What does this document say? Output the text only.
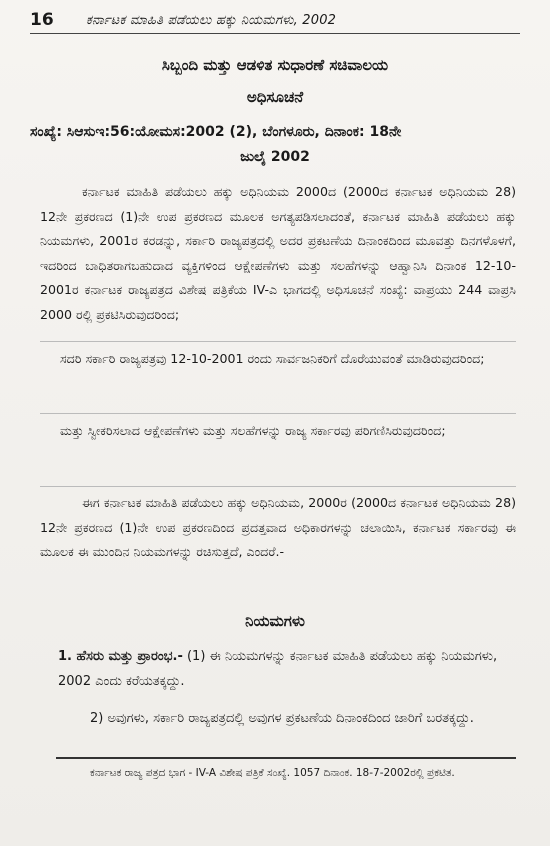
16	ಕರ್ನಾಟಕ ಮಾಹಿತಿ ಪಡೆಯಲು ಹಕ್ಕು ನಿಯಮಗಳು, 2002
ಸಿಬ್ಬಂದಿ ಮತ್ತು ಆಡಳಿತ ಸುಧಾರಣೆ ಸಚಿವಾಲಯ
ಅಧಿಸೂಚನೆ
ಸಂಖ್ಯೆ: ಸಿಆಸುಇ:56:ಯೋಮಸ:2002 (2), ಬೆಂಗಳೂರು, ದಿನಾಂಕ: 18ನೇ
ಜುಲೈ 2002
ಕರ್ನಾಟಕ ಮಾಹಿತಿ ಪಡೆಯಲು ಹಕ್ಕು ಅಧಿನಿಯಮ 2000ದ (2000ದ ಕರ್ನಾಟಕ ಅಧಿನಿಯಮ 28) 12ನೇ ಪ್ರಕರಣದ (1)ನೇ ಉಪ ಪ್ರಕರಣದ ಮೂಲಕ ಅಗತ್ಯಪಡಿಸಲಾದಂತೆ, ಕರ್ನಾಟಕ ಮಾಹಿತಿ ಪಡೆಯಲು ಹಕ್ಕು ನಿಯಮಗಳು, 2001ರ ಕರಡನ್ನು, ಸರ್ಕಾರಿ ರಾಜ್ಯಪತ್ರದಲ್ಲಿ ಅದರ ಪ್ರಕಟಣೆಯ ದಿನಾಂಕದಿಂದ ಮೂವತ್ತು ದಿನಗಳೊಳಗೆ, ಇದರಿಂದ ಬಾಧಿತರಾಗಬಹುದಾದ ವ್ಯಕ್ತಿಗಳಿಂದ ಆಕ್ಷೇಪಣೆಗಳು ಮತ್ತು ಸಲಹೆಗಳನ್ನು ಆಹ್ವಾನಿಸಿ ದಿನಾಂಕ 12-10-2001ರ ಕರ್ನಾಟಕ ರಾಜ್ಯಪತ್ರದ ವಿಶೇಷ ಪತ್ರಿಕೆಯ IV-ಎ ಭಾಗದಲ್ಲಿ ಅಧಿಸೂಚನೆ ಸಂಖ್ಯೆ: ವಾಪ್ರಯು 244 ವಾಪ್ರಸಿ 2000 ರಲ್ಲಿ ಪ್ರಕಟಿಸಿರುವುದರಿಂದ;
ಸದರಿ ಸರ್ಕಾರಿ ರಾಜ್ಯಪತ್ರವು 12-10-2001 ರಂದು ಸಾರ್ವಜನಿಕರಿಗೆ ದೊರೆಯುವಂತೆ ಮಾಡಿರುವುದರಿಂದ;
ಮತ್ತು ಸ್ವೀಕರಿಸಲಾದ ಆಕ್ಷೇಪಣೆಗಳು ಮತ್ತು ಸಲಹೆಗಳನ್ನು ರಾಜ್ಯ ಸರ್ಕಾರವು ಪರಿಗಣಿಸಿರುವುದರಿಂದ;
ಈಗ ಕರ್ನಾಟಕ ಮಾಹಿತಿ ಪಡೆಯಲು ಹಕ್ಕು ಅಧಿನಿಯಮ, 2000ರ (2000ದ ಕರ್ನಾಟಕ ಅಧಿನಿಯಮ 28) 12ನೇ ಪ್ರಕರಣದ (1)ನೇ ಉಪ ಪ್ರಕರಣದಿಂದ ಪ್ರದತ್ತವಾದ ಅಧಿಕಾರಗಳನ್ನು ಚಲಾಯಿಸಿ, ಕರ್ನಾಟಕ ಸರ್ಕಾರವು ಈ ಮೂಲಕ ಈ ಮುಂದಿನ ನಿಯಮಗಳನ್ನು ರಚಿಸುತ್ತದೆ, ಎಂದರೆ.-
ನಿಯಮಗಳು
1. ಹೆಸರು ಮತ್ತು ಪ್ರಾರಂಭ.- (1) ಈ ನಿಯಮಗಳನ್ನು ಕರ್ನಾಟಕ ಮಾಹಿತಿ ಪಡೆಯಲು ಹಕ್ಕು ನಿಯಮಗಳು, 2002 ಎಂದು ಕರೆಯತಕ್ಕದ್ದು.
2) ಅವುಗಳು, ಸರ್ಕಾರಿ ರಾಜ್ಯಪತ್ರದಲ್ಲಿ ಅವುಗಳ ಪ್ರಕಟಣೆಯ ದಿನಾಂಕದಿಂದ ಜಾರಿಗೆ ಬರತಕ್ಕದ್ದು.
ಕರ್ನಾಟಕ ರಾಜ್ಯ ಪತ್ರದ ಭಾಗ - IV-A ವಿಶೇಷ ಪತ್ರಿಕೆ ಸಂಖ್ಯೆ. 1057 ದಿನಾಂಕ. 18-7-2002ರಲ್ಲಿ ಪ್ರಕಟಿತ.
